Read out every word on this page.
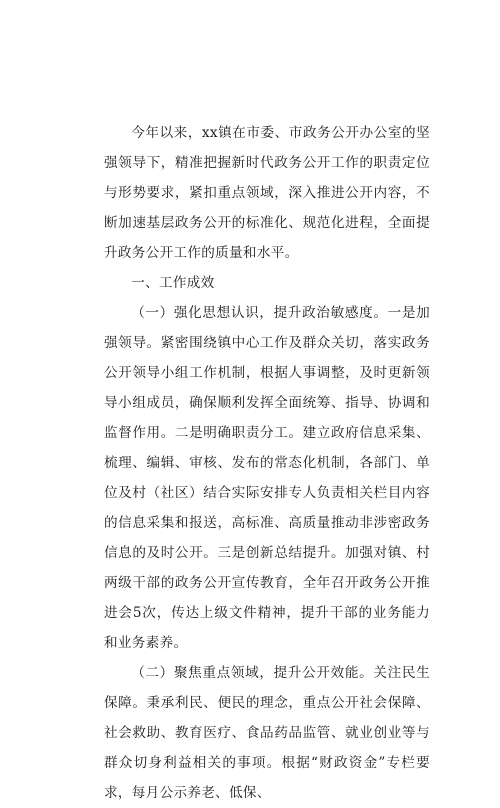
今年以来，xx镇在市委、市政务公开办公室的坚强领导下，精准把握新时代政务公开工作的职责定位与形势要求，紧扣重点领域，深入推进公开内容，不断加速基层政务公开的标准化、规范化进程，全面提升政务公开工作的质量和水平。

一、工作成效

（一）强化思想认识，提升政治敏感度。一是加强领导。紧密围绕镇中心工作及群众关切，落实政务公开领导小组工作机制，根据人事调整，及时更新领导小组成员，确保顺利发挥全面统筹、指导、协调和监督作用。二是明确职责分工。建立政府信息采集、梳理、编辑、审核、发布的常态化机制，各部门、单位及村（社区）结合实际安排专人负责相关栏目内容的信息采集和报送，高标准、高质量推动非涉密政务信息的及时公开。三是创新总结提升。加强对镇、村两级干部的政务公开宣传教育，全年召开政务公开推进会5次，传达上级文件精神，提升干部的业务能力和业务素养。

（二）聚焦重点领域，提升公开效能。关注民生保障。秉承利民、便民的理念，重点公开社会保障、社会救助、教育医疗、食品药品监管、就业创业等与群众切身利益相关的事项。根据“财政资金”专栏要求，每月公示养老、低保、
